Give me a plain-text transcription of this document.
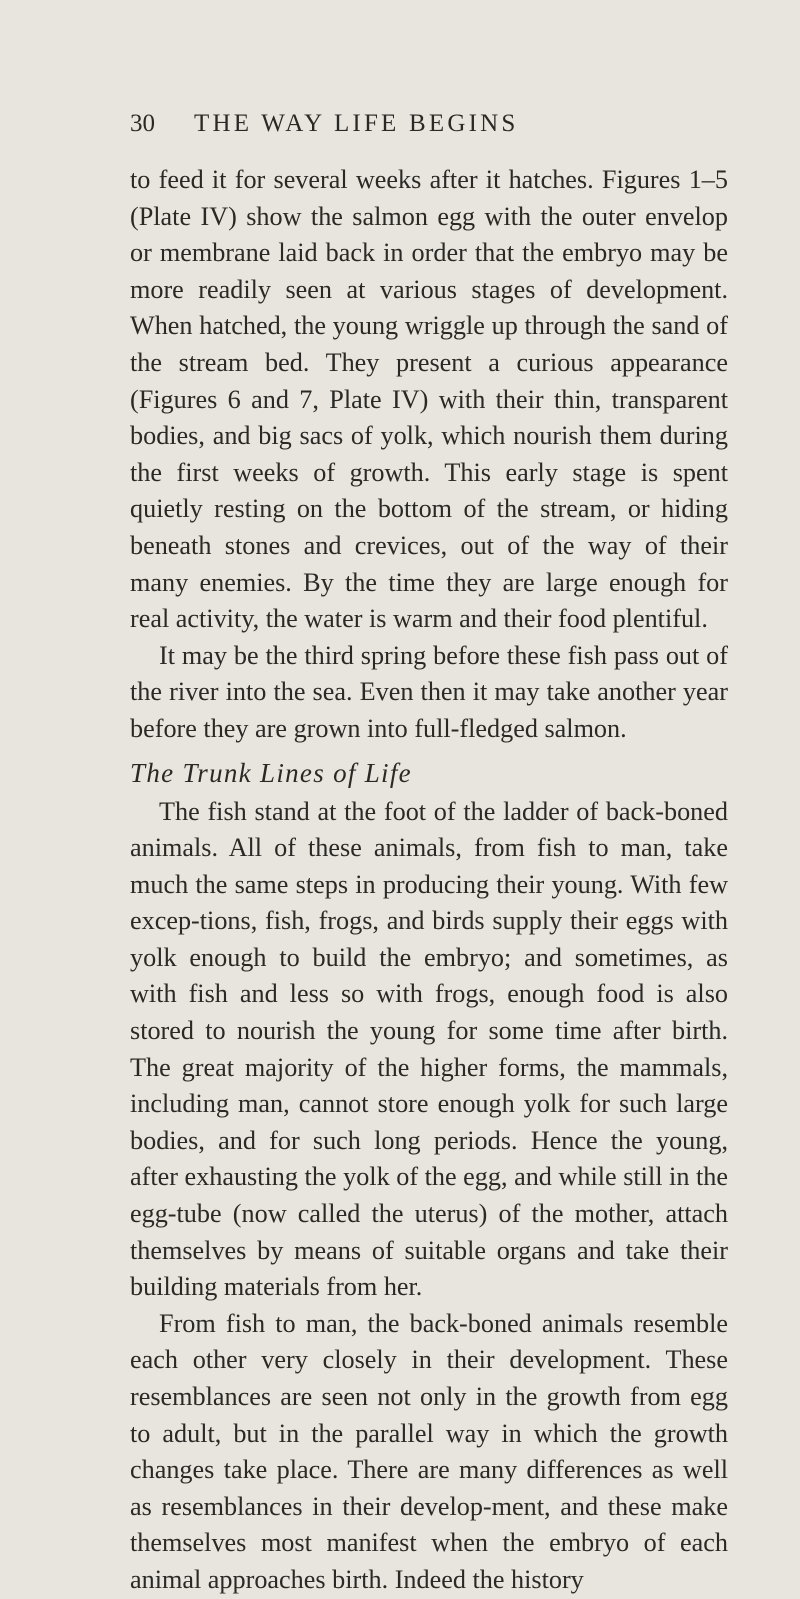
30 THE WAY LIFE BEGINS

to feed it for several weeks after it hatches. Figures 1–5 (Plate IV) show the salmon egg with the outer envelop or membrane laid back in order that the embryo may be more readily seen at various stages of development. When hatched, the young wriggle up through the sand of the stream bed. They present a curious appearance (Figures 6 and 7, Plate IV) with their thin, transparent bodies, and big sacs of yolk, which nourish them during the first weeks of growth. This early stage is spent quietly resting on the bottom of the stream, or hiding beneath stones and crevices, out of the way of their many enemies. By the time they are large enough for real activity, the water is warm and their food plentiful.

It may be the third spring before these fish pass out of the river into the sea. Even then it may take another year before they are grown into full-fledged salmon.

The Trunk Lines of Life

The fish stand at the foot of the ladder of back-boned animals. All of these animals, from fish to man, take much the same steps in producing their young. With few excep-tions, fish, frogs, and birds supply their eggs with yolk enough to build the embryo; and sometimes, as with fish and less so with frogs, enough food is also stored to nourish the young for some time after birth. The great majority of the higher forms, the mammals, including man, cannot store enough yolk for such large bodies, and for such long periods. Hence the young, after exhausting the yolk of the egg, and while still in the egg-tube (now called the uterus) of the mother, attach themselves by means of suitable organs and take their building materials from her.

From fish to man, the back-boned animals resemble each other very closely in their development. These resemblances are seen not only in the growth from egg to adult, but in the parallel way in which the growth changes take place. There are many differences as well as resemblances in their develop-ment, and these make themselves most manifest when the embryo of each animal approaches birth. Indeed the history
